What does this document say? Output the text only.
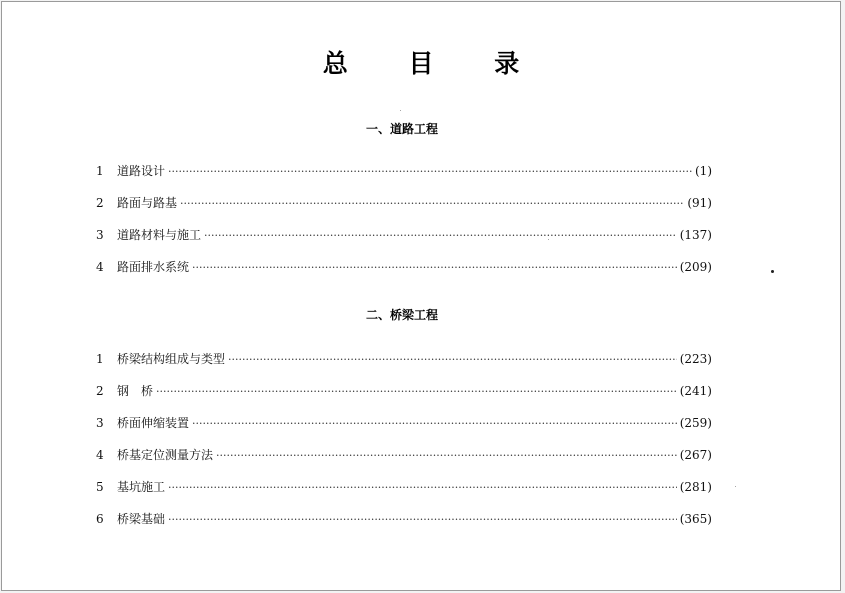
总 目 录
一、道路工程
1	道路设计 ·····	(1)
2	路面与路基 ·····	(91)
3	道路材料与施工 ·····	(137)
4	路面排水系统 ·····	(209)
二、桥梁工程
1	桥梁结构组成与类型 ·····	(223)
2	钢　桥 ·····	(241)
3	桥面伸缩装置 ·····	(259)
4	桥基定位测量方法 ·····	(267)
5	基坑施工 ·····	(281)
6	桥梁基础 ·····	(365)
